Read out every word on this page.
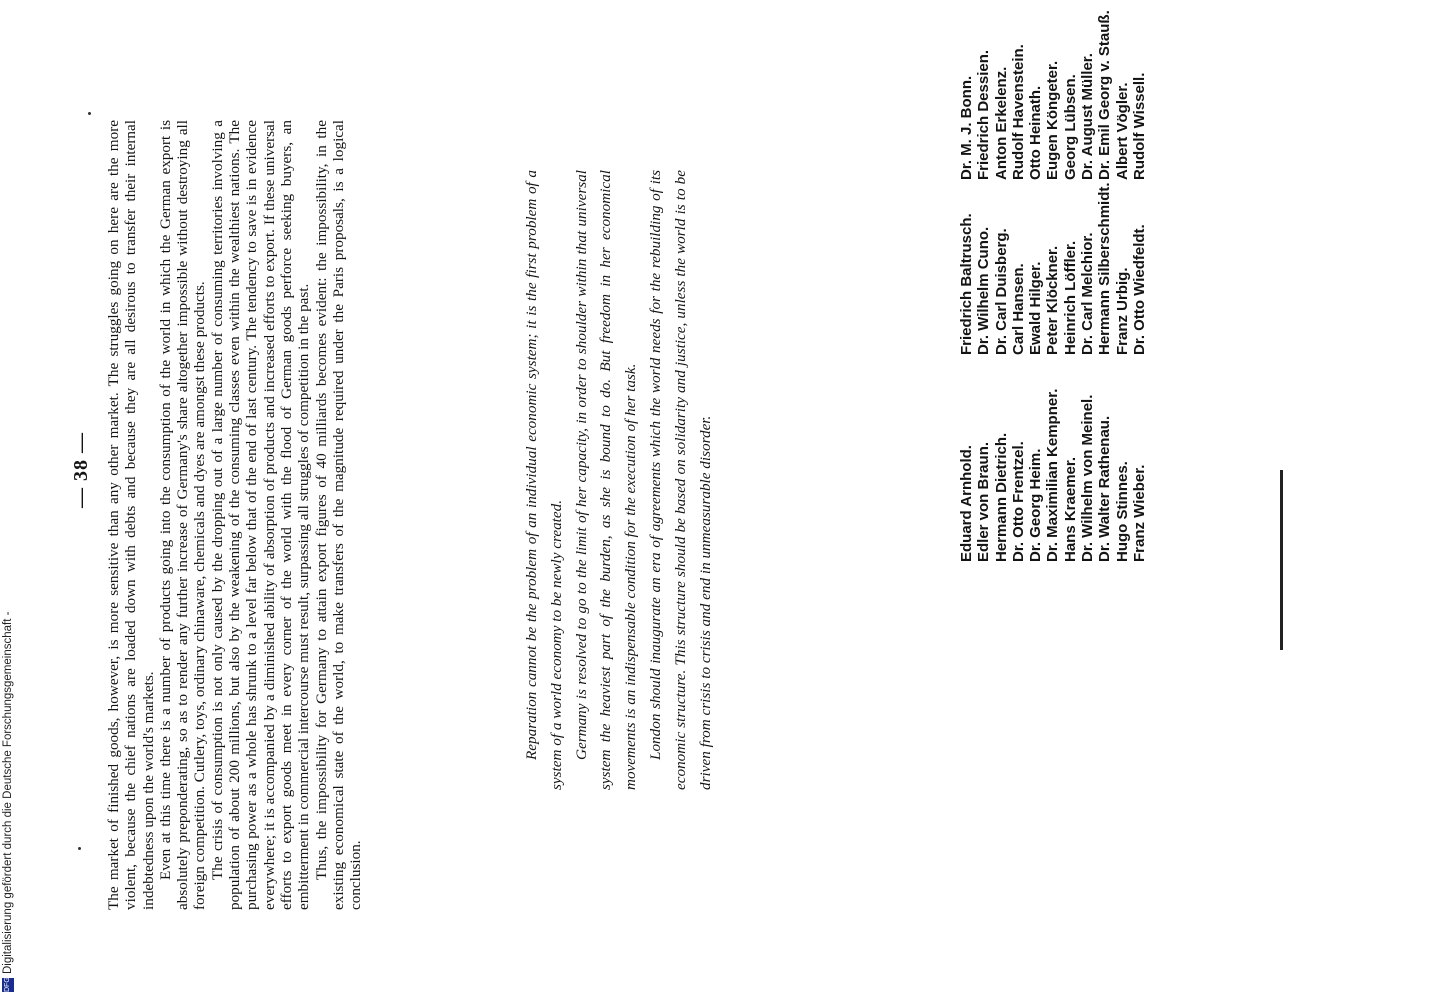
— 38 — The market of finished goods, however, is more sensitive than any other market. The struggles going on here are the more violent, because the chief nations are loaded down with debts and because they are all desirous to transfer their internal indebtedness upon the world's markets. Even at this time there is a number of products going into the consumption of the world in which the German export is absolutely preponderating, so as to render any further increase of Germany's share altogether impossible without destroying all foreign competition. Cutlery, toys, ordinary chinaware, chemicals and dyes are amongst these products. The crisis of consumption is not only caused by the dropping out of a large number of consuming territories involving a population of about 200 millions, but also by the weakening of the consuming classes even within the wealthiest nations. The purchasing power as a whole has shrunk to a level far below that of the end of last century. The tendency to save is in evidence everywhere; it is accompanied by a diminished ability of absorption of products and increased efforts to export. If these universal efforts to export goods meet in every corner of the world with the flood of German goods perforce seeking buyers, an embitterment in commercial intercourse must result, surpassing all struggles of competition in the past. Thus, the impossibility for Germany to attain export figures of 40 milliards becomes evident: the impossibility, in the existing economical state of the world, to make transfers of the magnitude required under the Paris proposals, is a logical conclusion.

Reparation cannot be the problem of an individual economic system; it is the first problem of a system of a world economy to be newly created. Germany is resolved to go to the limit of her capacity, in order to shoulder within that universal system the heaviest part of the burden, as she is bound to do. But freedom in her economical movements is an indispensable condition for the execution of her task. London should inaugurate an era of agreements which the world needs for the rebuilding of its economic structure. This structure should be based on solidarity and justice, unless the world is to be driven from crisis to crisis and end in unmeasurable disorder.	Eduard Arnhold. Edler von Braun. Hermann Dietrich. Dr. Otto Frentzel. Dr. Georg Heim. Dr. Maximilian Kempner. Hans Kraemer. Dr. Wilhelm von Meinel. Dr. Walter Rathenau. Hugo Stinnes. Franz Wieber.
Friedrich Baltrusch. Dr. Wilhelm Cuno. Dr. Carl Duisberg. Carl Hansen. Ewald Hilger. Peter Klöckner. Heinrich Löffler. Dr. Carl Melchior. Hermann Silberschmidt. Franz Urbig. Dr. Otto Wiedfeldt.
Dr. M. J. Bonn. Friedrich Dessien. Anton Erkelenz. Rudolf Havenstein. Otto Heinath. Eugen Köngeter. Georg Lübsen. Dr. August Müller. Dr. Emil Georg v. Stauß. Albert Vögler. Rudolf Wissell.
DFGDigitalisierung gefördert durch die Deutsche Forschungsgemeinschaft -
